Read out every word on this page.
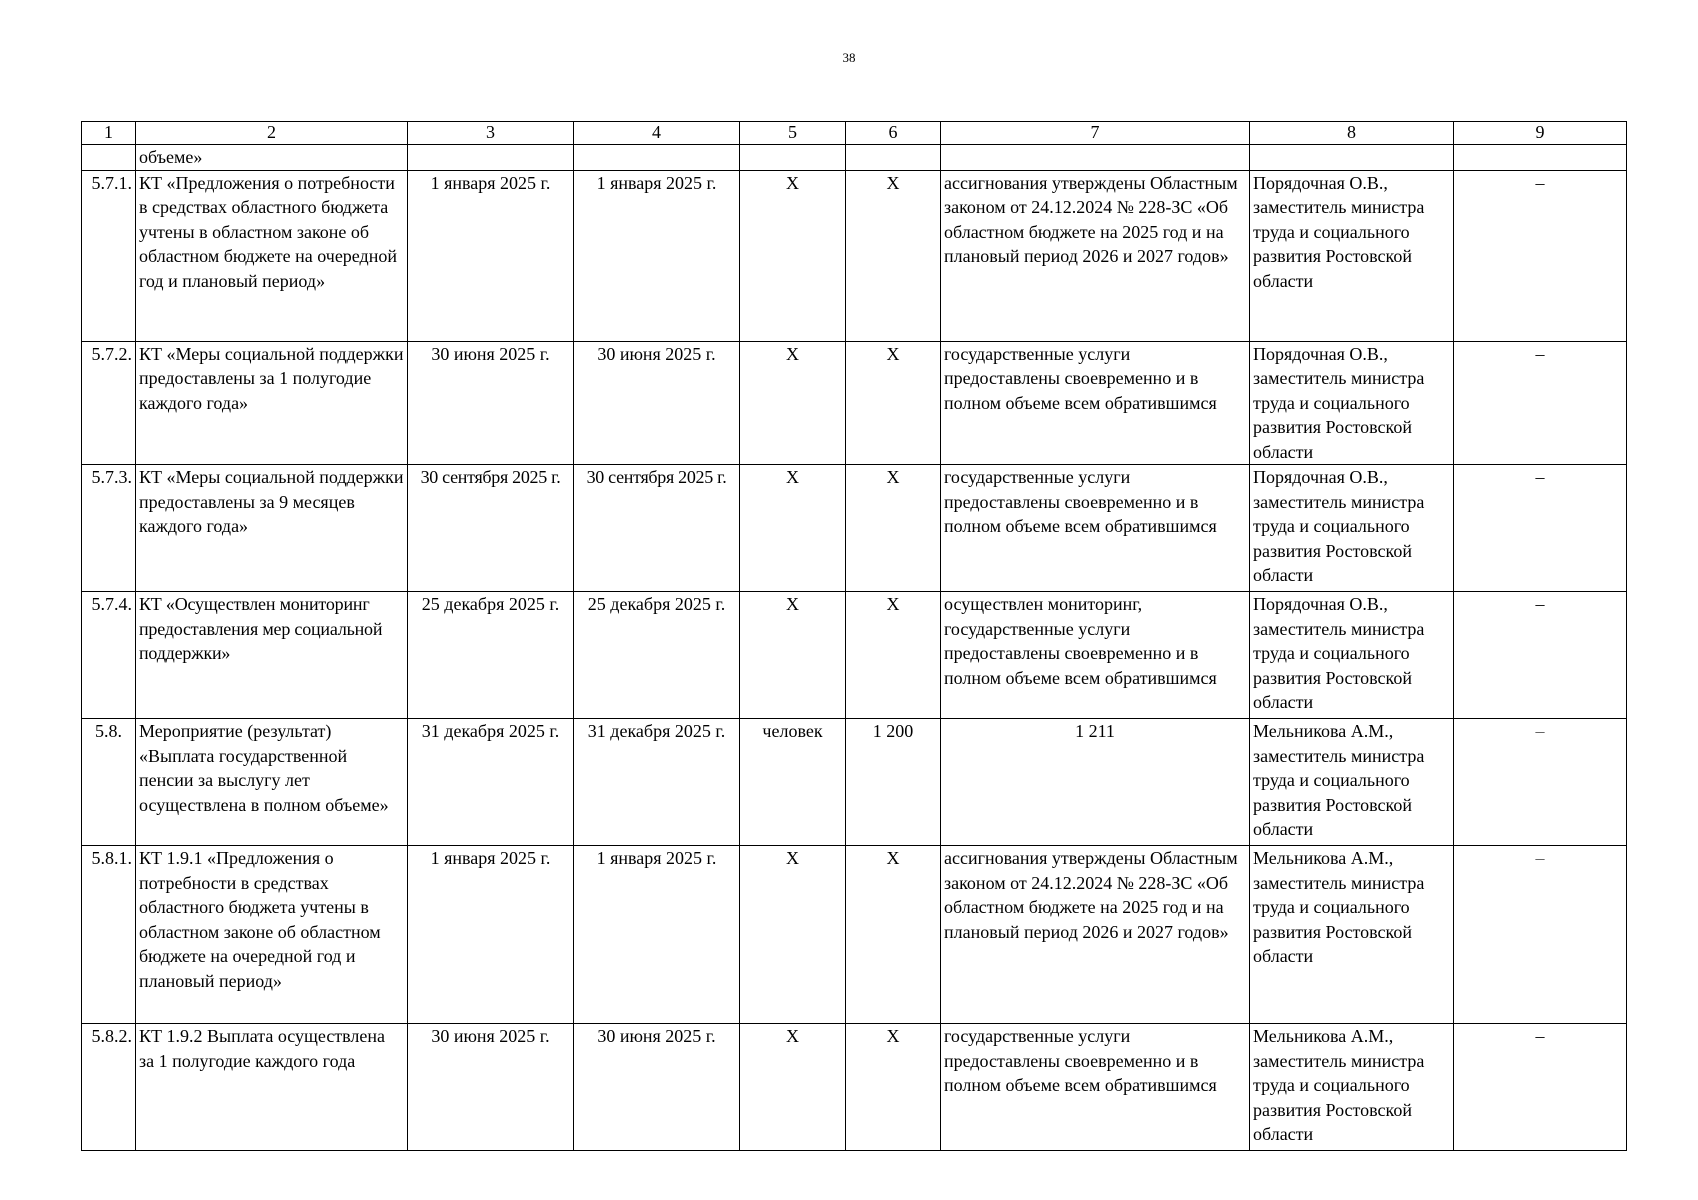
38
1	2	3	4	5	6	7	8	9
	объеме»							
5.7.1.	КТ «Предложения о потребности в средствах областного бюджета учтены в областном законе об областном бюджете на очередной год и плановый период»	1 января 2025 г.	1 января 2025 г.	Х	Х	ассигнования утверждены Областным законом от 24.12.2024 № 228-ЗС «Об областном бюджете на 2025 год и на плановый период 2026 и 2027 годов»	Порядочная О.В., заместитель министра труда и социального развития Ростовской области	–
5.7.2.	КТ «Меры социальной поддержки предоставлены за 1 полугодие каждого года»	30 июня 2025 г.	30 июня 2025 г.	Х	Х	государственные услуги предоставлены своевременно и в полном объеме всем обратившимся	Порядочная О.В., заместитель министра труда и социального развития Ростовской области	–
5.7.3.	КТ «Меры социальной поддержки предоставлены за 9 месяцев каждого года»	30 сентября 2025 г.	30 сентября 2025 г.	Х	Х	государственные услуги предоставлены своевременно и в полном объеме всем обратившимся	Порядочная О.В., заместитель министра труда и социального развития Ростовской области	–
5.7.4.	КТ «Осуществлен мониторинг предоставления мер социальной поддержки»	25 декабря 2025 г.	25 декабря 2025 г.	Х	Х	осуществлен мониторинг, государственные услуги предоставлены своевременно и в полном объеме всем обратившимся	Порядочная О.В., заместитель министра труда и социального развития Ростовской области	–
5.8.	Мероприятие (результат) «Выплата государственной пенсии за выслугу лет осуществлена в полном объеме»	31 декабря 2025 г.	31 декабря 2025 г.	человек	1 200	1 211	Мельникова А.М., заместитель министра труда и социального развития Ростовской области	–
5.8.1.	КТ 1.9.1 «Предложения о потребности в средствах областного бюджета учтены в областном законе об областном бюджете на очередной год и плановый период»	1 января 2025 г.	1 января 2025 г.	Х	Х	ассигнования утверждены Областным законом от 24.12.2024 № 228-ЗС «Об областном бюджете на 2025 год и на плановый период 2026 и 2027 годов»	Мельникова А.М., заместитель министра труда и социального развития Ростовской области	–
5.8.2.	КТ 1.9.2 Выплата осуществлена за 1 полугодие каждого года	30 июня 2025 г.	30 июня 2025 г.	Х	Х	государственные услуги предоставлены своевременно и в полном объеме всем обратившимся	Мельникова А.М., заместитель министра труда и социального развития Ростовской области	–
